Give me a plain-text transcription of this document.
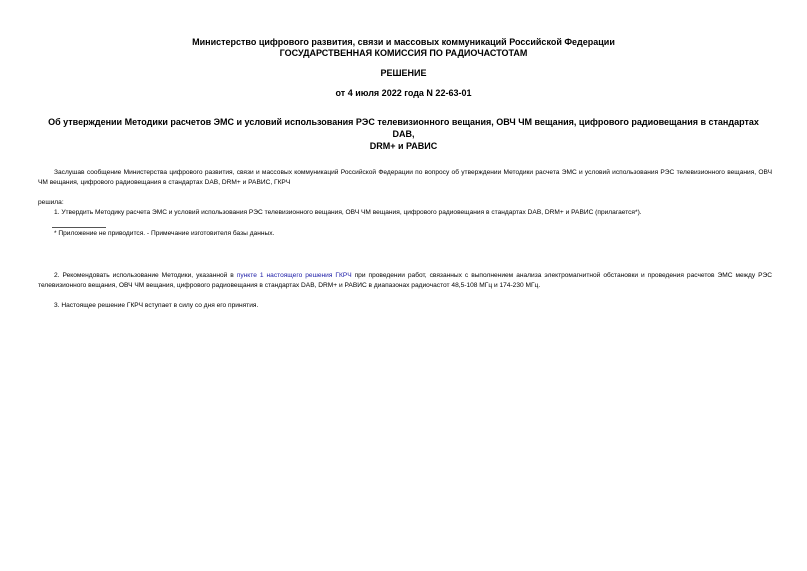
Министерство цифрового развития, связи и массовых коммуникаций Российской Федерации
ГОСУДАРСТВЕННАЯ КОМИССИЯ ПО РАДИОЧАСТОТАМ
РЕШЕНИЕ
от 4 июля 2022 года N 22-63-01
Об утверждении Методики расчетов ЭМС и условий использования РЭС телевизионного вещания, ОВЧ ЧМ вещания, цифрового радиовещания в стандартах DAB,
DRM+ и РАВИС
Заслушав сообщение Министерства цифрового развития, связи и массовых коммуникаций Российской Федерации по вопросу об утверждении Методики расчета ЭМС и условий использования РЭС телевизионного вещания, ОВЧ ЧМ вещания, цифрового радиовещания в стандартах DAB, DRM+ и РАВИС, ГКРЧ
решила:
1. Утвердить Методику расчета ЭМС и условий использования РЭС телевизионного вещания, ОВЧ ЧМ вещания, цифрового радиовещания в стандартах DAB, DRM+ и РАВИС (прилагается*).
* Приложение не приводится. - Примечание изготовителя базы данных.
2. Рекомендовать использование Методики, указанной в пункте 1 настоящего решения ГКРЧ при проведении работ, связанных с выполнением анализа электромагнитной обстановки и проведения расчетов ЭМС между РЭС телевизионного вещания, ОВЧ ЧМ вещания, цифрового радиовещания в стандартах DAB, DRM+ и РАВИС в диапазонах радиочастот 48,5-108 МГц и 174-230 МГц.
3. Настоящее решение ГКРЧ вступает в силу со дня его принятия.
